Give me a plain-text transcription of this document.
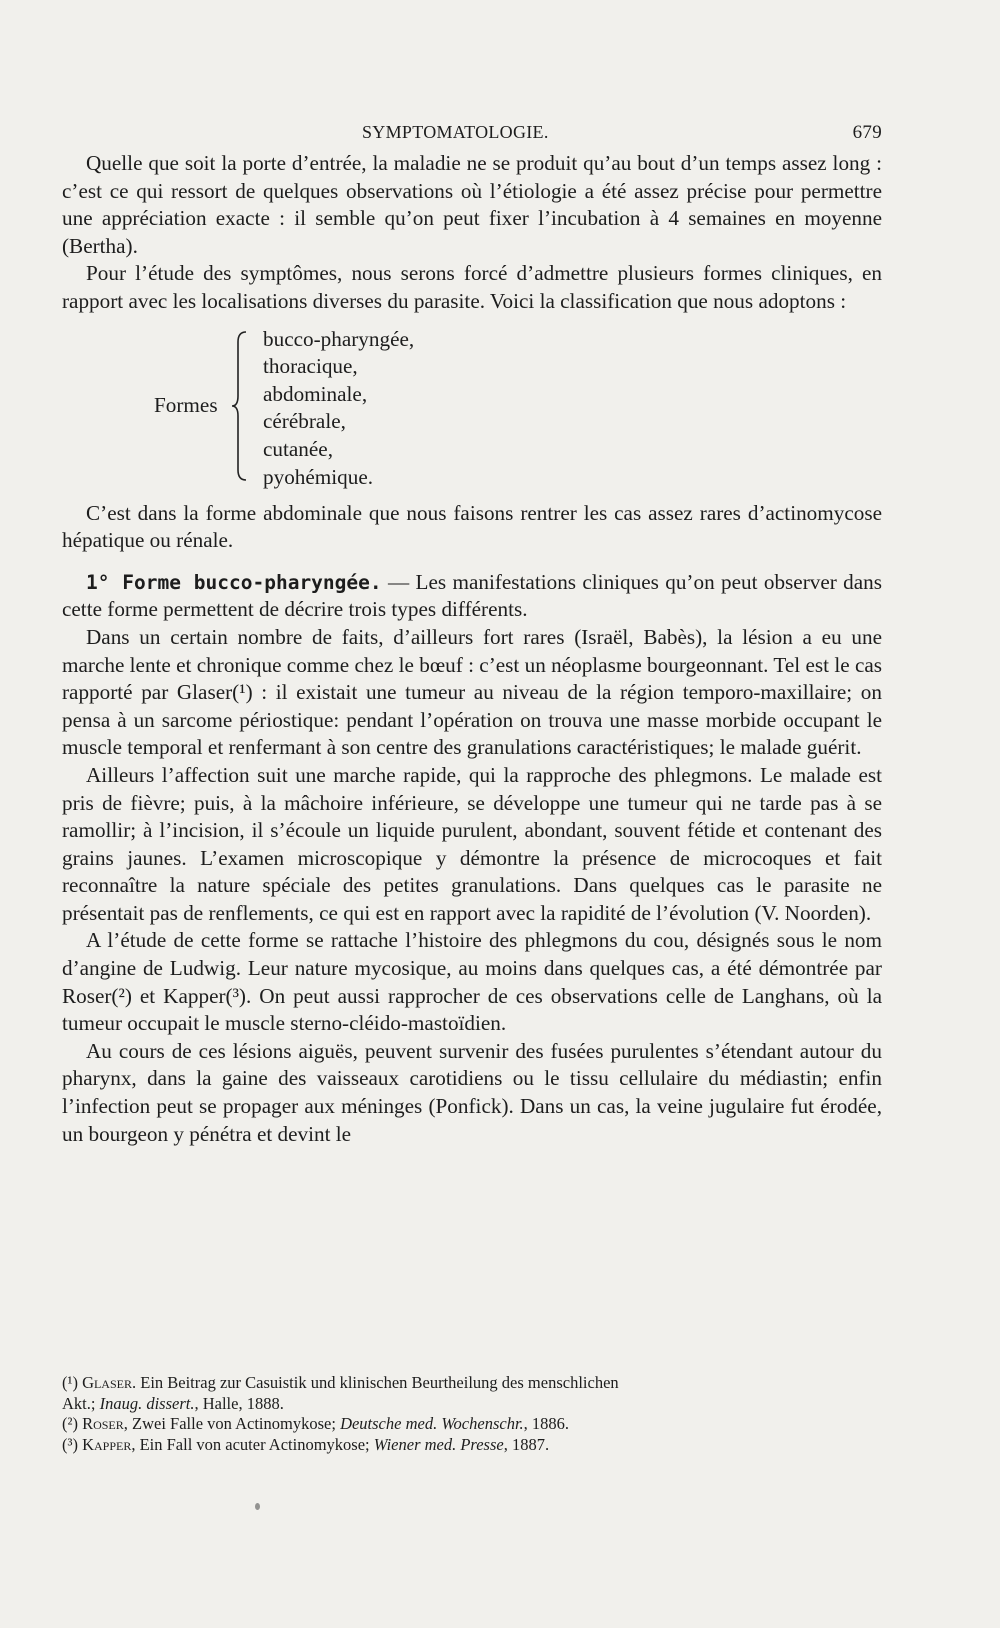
SYMPTOMATOLOGIE.	679

Quelle que soit la porte d’entrée, la maladie ne se produit qu’au bout d’un temps assez long : c’est ce qui ressort de quelques observations où l’étiologie a été assez précise pour permettre une appréciation exacte : il semble qu’on peut fixer l’incubation à 4 semaines en moyenne (Bertha).

Pour l’étude des symptômes, nous serons forcé d’admettre plusieurs formes cliniques, en rapport avec les localisations diverses du parasite. Voici la classification que nous adoptons :

Formes
bucco-pharyngée,
thoracique,
abdominale,
cérébrale,
cutanée,
pyohémique.

C’est dans la forme abdominale que nous faisons rentrer les cas assez rares d’actinomycose hépatique ou rénale.

1° Forme bucco-pharyngée. — Les manifestations cliniques qu’on peut observer dans cette forme permettent de décrire trois types différents.

Dans un certain nombre de faits, d’ailleurs fort rares (Israël, Babès), la lésion a eu une marche lente et chronique comme chez le bœuf : c’est un néoplasme bourgeonnant. Tel est le cas rapporté par Glaser(¹) : il existait une tumeur au niveau de la région temporo-maxillaire; on pensa à un sarcome périostique: pendant l’opération on trouva une masse morbide occupant le muscle temporal et renfermant à son centre des granulations caractéristiques; le malade guérit.

Ailleurs l’affection suit une marche rapide, qui la rapproche des phlegmons. Le malade est pris de fièvre; puis, à la mâchoire inférieure, se développe une tumeur qui ne tarde pas à se ramollir; à l’incision, il s’écoule un liquide purulent, abondant, souvent fétide et contenant des grains jaunes. L’examen microscopique y démontre la présence de microcoques et fait reconnaître la nature spéciale des petites granulations. Dans quelques cas le parasite ne présentait pas de renflements, ce qui est en rapport avec la rapidité de l’évolution (V. Noorden).

A l’étude de cette forme se rattache l’histoire des phlegmons du cou, désignés sous le nom d’angine de Ludwig. Leur nature mycosique, au moins dans quelques cas, a été démontrée par Roser(²) et Kapper(³). On peut aussi rapprocher de ces observations celle de Langhans, où la tumeur occupait le muscle sterno-cléido-mastoïdien.

Au cours de ces lésions aiguës, peuvent survenir des fusées purulentes s’étendant autour du pharynx, dans la gaine des vaisseaux carotidiens ou le tissu cellulaire du médiastin; enfin l’infection peut se propager aux méninges (Ponfick). Dans un cas, la veine jugulaire fut érodée, un bourgeon y pénétra et devint le

(¹) Glaser. Ein Beitrag zur Casuistik und klinischen Beurtheilung des menschlichen
Akt.; Inaug. dissert., Halle, 1888.
(²) Roser, Zwei Falle von Actinomykose; Deutsche med. Wochenschr., 1886.
(³) Kapper, Ein Fall von acuter Actinomykose; Wiener med. Presse, 1887.
